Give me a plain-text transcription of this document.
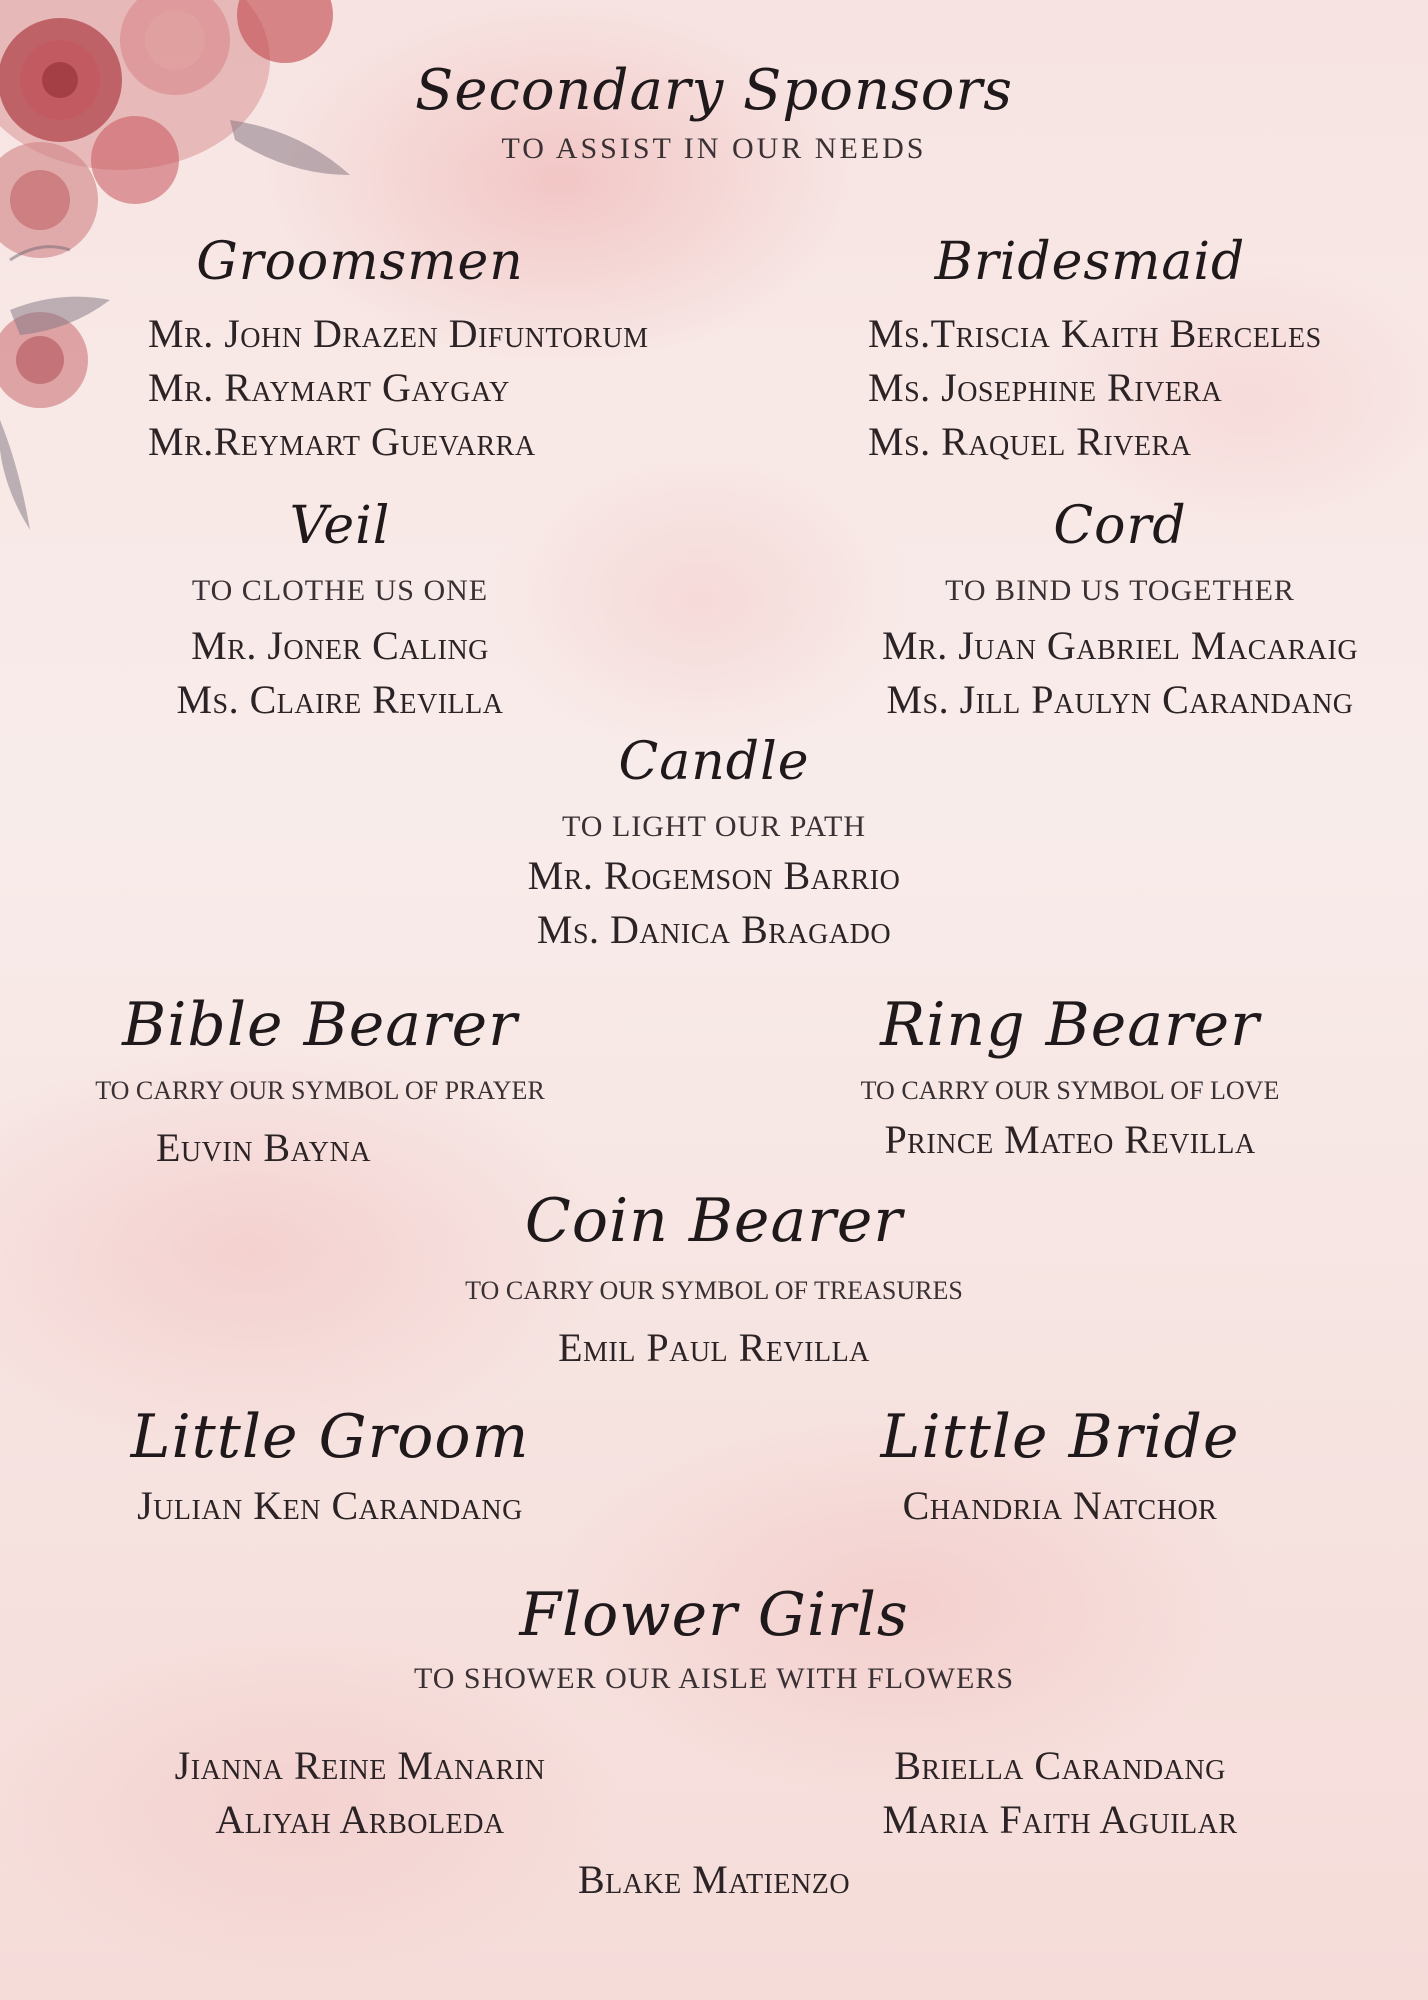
Secondary Sponsors
TO ASSIST IN OUR NEEDS
Groomsmen
Mr. John Drazen Difuntorum
Mr. Raymart Gaygay
Mr.Reymart Guevarra
Bridesmaid
Ms.Triscia Kaith Berceles
Ms. Josephine Rivera
Ms. Raquel Rivera
Veil
TO CLOTHE US ONE
Mr. Joner Caling
Ms. Claire Revilla
Cord
TO BIND US TOGETHER
Mr. Juan Gabriel Macaraig
Ms. Jill Paulyn Carandang
Candle
TO LIGHT OUR PATH
Mr. Rogemson Barrio
Ms. Danica Bragado
Bible Bearer
TO CARRY OUR SYMBOL OF PRAYER
Euvin Bayna
Ring Bearer
TO CARRY OUR SYMBOL OF LOVE
Prince Mateo Revilla
Coin Bearer
TO CARRY OUR SYMBOL OF TREASURES
Emil Paul Revilla
Little Groom
Julian Ken Carandang
Little Bride
Chandria Natchor
Flower Girls
TO SHOWER OUR AISLE WITH FLOWERS
Jianna Reine Manarin
Aliyah Arboleda
Briella Carandang
Maria Faith Aguilar
Blake Matienzo
